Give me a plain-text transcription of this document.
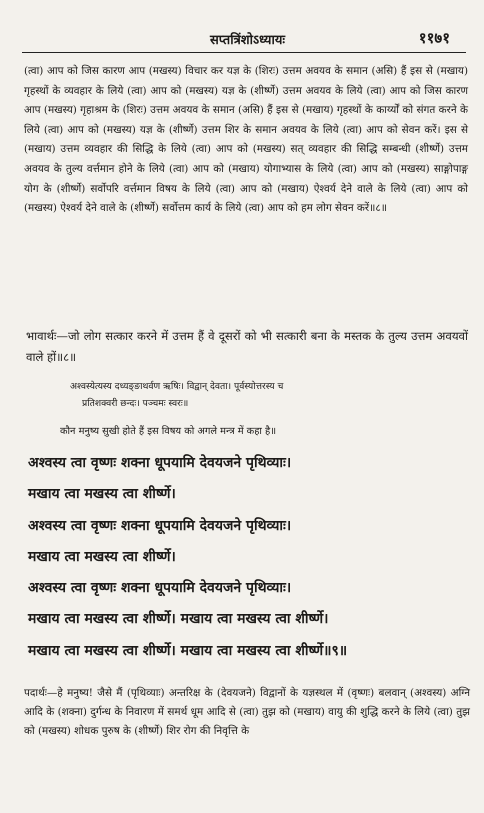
सप्तत्रिंशोऽध्यायः	११७१

(त्वा) आप को जिस कारण आप (मखस्य) विचार कर यज्ञ के (शिरः) उत्तम अवयव के समान (असि) हैं इस से (मखाय) गृहस्थों के व्यवहार के लिये (त्वा) आप को (मखस्य) यज्ञ के (शीर्ष्णे) उत्तम अवयव के लिये (त्वा) आप को जिस कारण आप (मखस्य) गृहाश्रम के (शिरः) उत्तम अवयव के समान (असि) हैं इस से (मखाय) गृहस्थों के कार्य्यों को संगत करने के लिये (त्वा) आप को (मखस्य) यज्ञ के (शीर्ष्णे) उत्तम शिर के समान अवयव के लिये (त्वा) आप को सेवन करें। इस से (मखाय) उत्तम व्यवहार की सिद्धि के लिये (त्वा) आप को (मखस्य) सत् व्यवहार की सिद्धि सम्बन्धी (शीर्ष्णे) उत्तम अवयव के तुल्य वर्त्तमान होने के लिये (त्वा) आप को (मखाय) योगाभ्यास के लिये (त्वा) आप को (मखस्य) साङ्गोपाङ्ग योग के (शीर्ष्णे) सर्वोपरि वर्त्तमान विषय के लिये (त्वा) आप को (मखाय) ऐश्वर्य देने वाले के लिये (त्वा) आप को (मखस्य) ऐश्वर्य देने वाले के (शीर्ष्णे) सर्वोत्तम कार्य के लिये (त्वा) आप को हम लोग सेवन करें॥८॥

भावार्थः—जो लोग सत्कार करने में उत्तम हैं वे दूसरों को भी सत्कारी बना के मस्तक के तुल्य उत्तम अवयवों वाले हों॥८॥

अश्वस्येत्यस्य दध्यङ्ङाथर्वण ऋषिः। विद्वान् देवता। पूर्वस्योत्तरस्य च

प्रतिशक्वरी छन्दः। पञ्चमः स्वरः॥

कौन मनुष्य सुखी होते हैं इस विषय को अगले मन्त्र में कहा है॥
अश्वस्य त्वा वृष्णः शक्ना धूपयामि देवयजने पृथिव्याः।
मखाय त्वा मखस्य त्वा शीर्ष्णे।
अश्वस्य त्वा वृष्णः शक्ना धूपयामि देवयजने पृथिव्याः।
मखाय त्वा मखस्य त्वा शीर्ष्णे।
अश्वस्य त्वा वृष्णः शक्ना धूपयामि देवयजने पृथिव्याः।
मखाय त्वा मखस्य त्वा शीर्ष्णे। मखाय त्वा मखस्य त्वा शीर्ष्णे।
मखाय त्वा मखस्य त्वा शीर्ष्णे। मखाय त्वा मखस्य त्वा शीर्ष्णे॥९॥

पदार्थः—हे मनुष्य! जैसे मैं (पृथिव्याः) अन्तरिक्ष के (देवयजने) विद्वानों के यज्ञस्थल में (वृष्णः) बलवान् (अश्वस्य) अग्नि आदि के (शक्ना) दुर्गन्ध के निवारण में समर्थ धूम आदि से (त्वा) तुझ को (मखाय) वायु की शुद्धि करने के लिये (त्वा) तुझ को (मखस्य) शोधक पुरुष के (शीर्ष्णे) शिर रोग की निवृत्ति के
